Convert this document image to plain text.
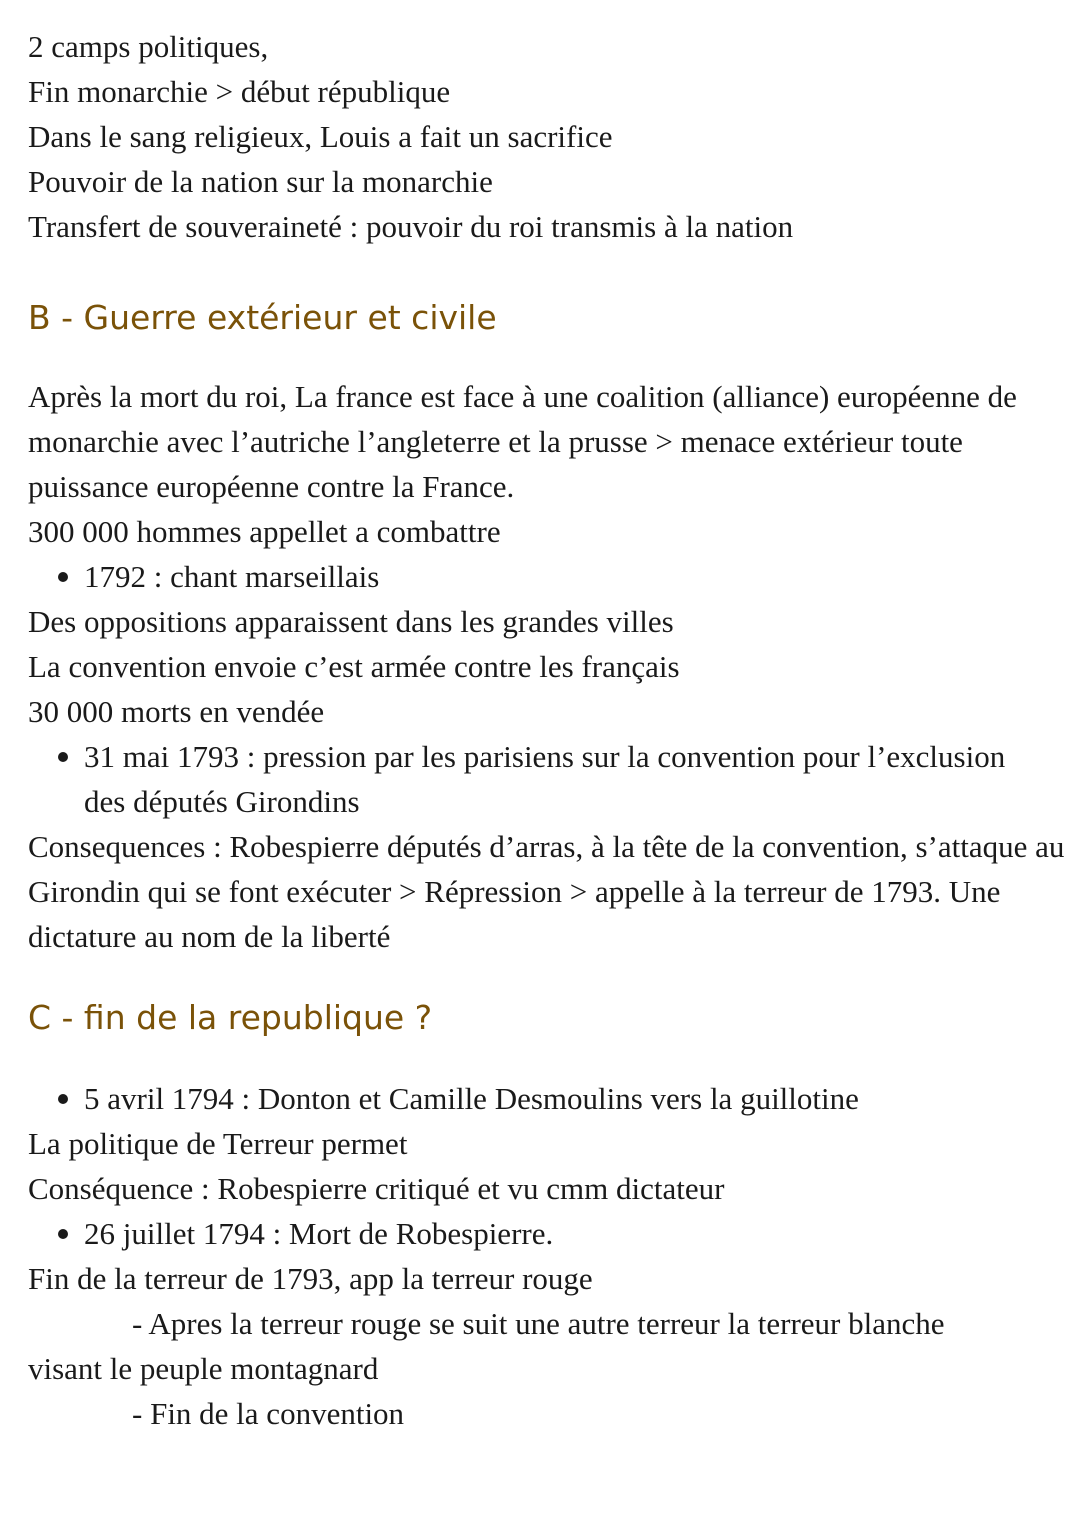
2 camps politiques,

Fin monarchie > début république

Dans le sang religieux, Louis a fait un sacrifice

Pouvoir de la nation sur la monarchie

Transfert de souveraineté : pouvoir du roi transmis à la nation

B - Guerre extérieur et civile

Après la mort du roi, La france est face à une coalition (alliance) européenne de monarchie avec l’autriche l’angleterre et la prusse > menace extérieur toute puissance européenne contre la France.

300 000 hommes appellet a combattre

1792 : chant marseillais

Des oppositions apparaissent dans les grandes villes

La convention envoie c’est armée contre les français

30 000 morts en vendée

31 mai 1793 : pression par les parisiens sur la convention pour l’exclusion des députés Girondins

Consequences : Robespierre députés d’arras, à la tête de la convention, s’attaque au Girondin qui se font exécuter > Répression > appelle à la terreur de 1793. Une dictature au nom de la liberté

C - fin de la republique ?

5 avril 1794 : Donton et Camille Desmoulins vers la guillotine

La politique de Terreur permet

Conséquence : Robespierre critiqué et vu cmm dictateur

26 juillet 1794 : Mort de Robespierre.

Fin de la terreur de 1793, app la terreur rouge

- Apres la terreur rouge se suit une autre terreur la terreur blanche

visant le peuple montagnard

- Fin de la convention
